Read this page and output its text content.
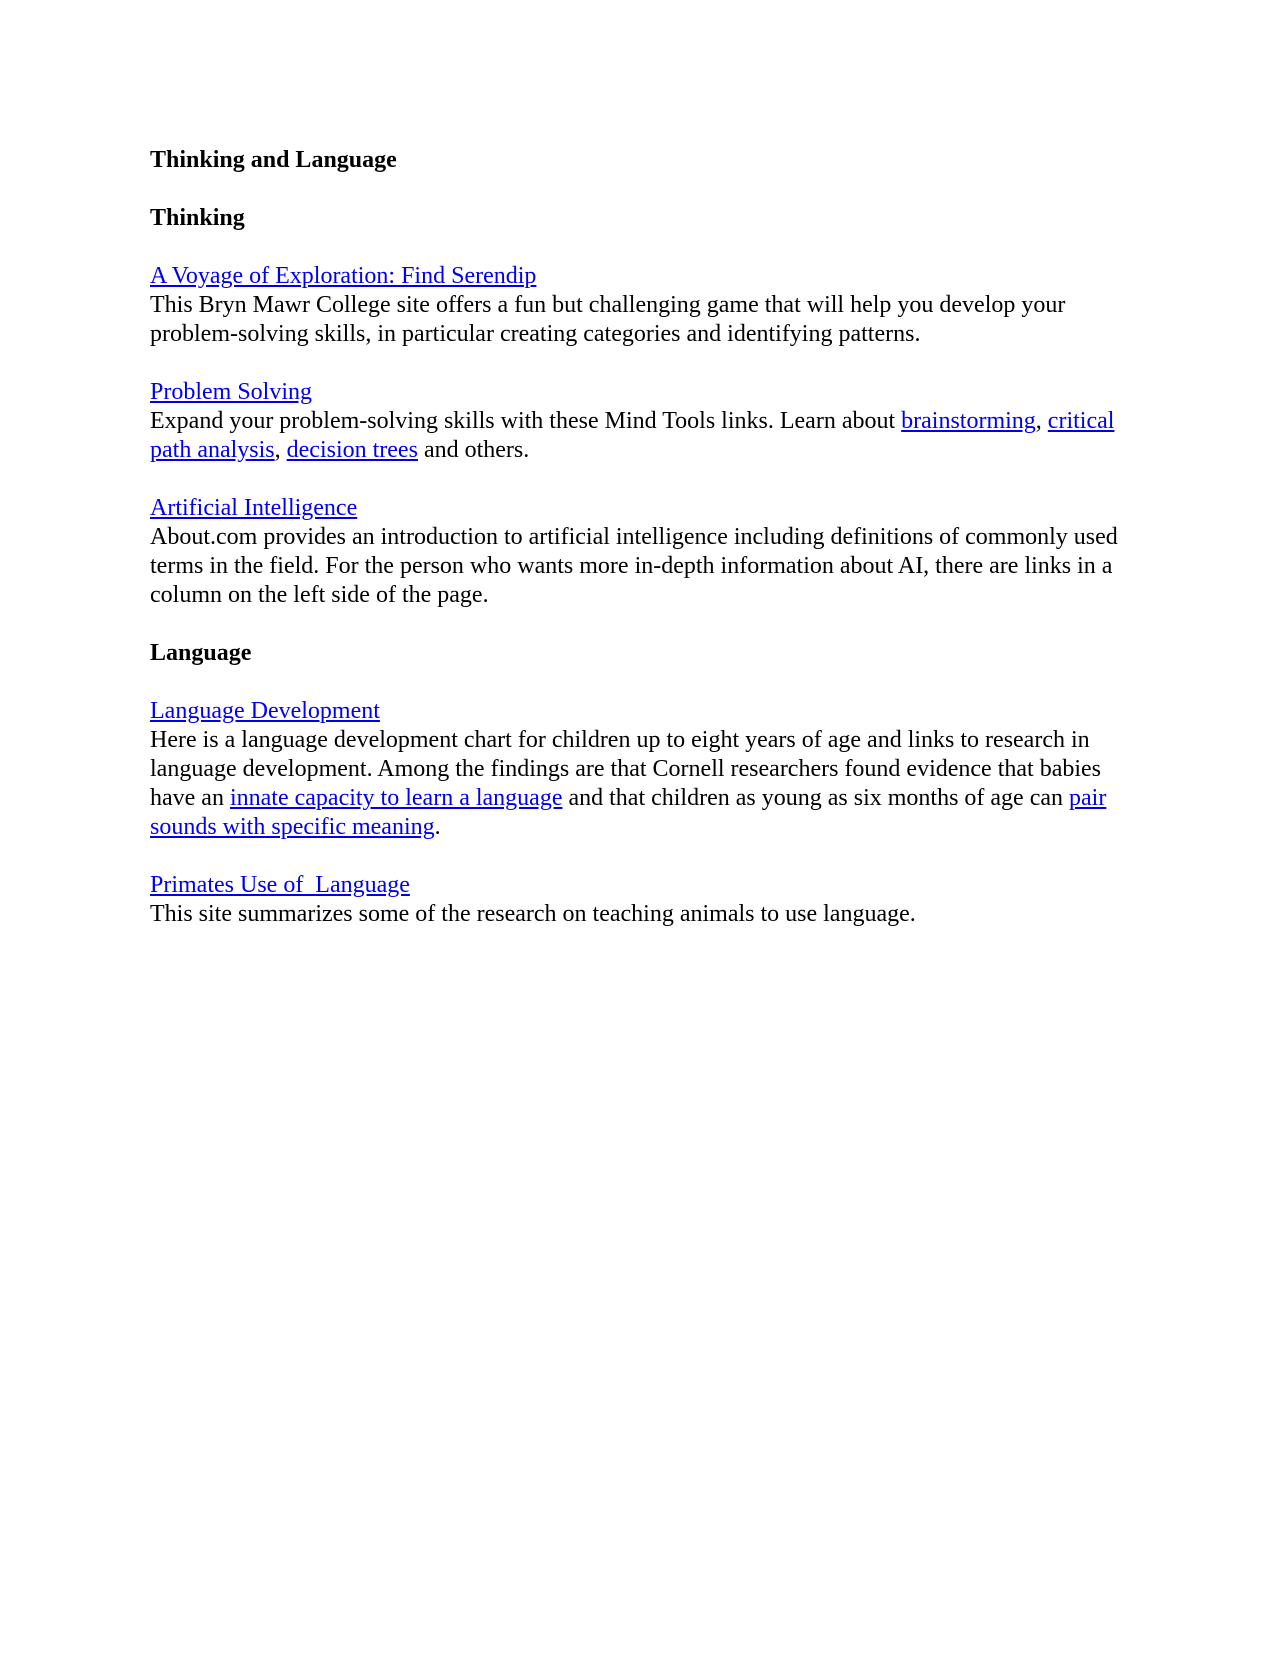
Thinking and Language

Thinking

A Voyage of Exploration: Find Serendip

This Bryn Mawr College site offers a fun but challenging game that will help you develop your problem-solving skills, in particular creating categories and identifying patterns.

Problem Solving

Expand your problem-solving skills with these Mind Tools links. Learn about brainstorming, critical path analysis, decision trees and others.

Artificial Intelligence

About.com provides an introduction to artificial intelligence including definitions of commonly used terms in the field. For the person who wants more in-depth information about AI, there are links in a column on the left side of the page.

Language

Language Development

Here is a language development chart for children up to eight years of age and links to research in language development. Among the findings are that Cornell researchers found evidence that babies have an innate capacity to learn a language and that children as young as six months of age can pair sounds with specific meaning.

Primates Use of  Language

This site summarizes some of the research on teaching animals to use language.
